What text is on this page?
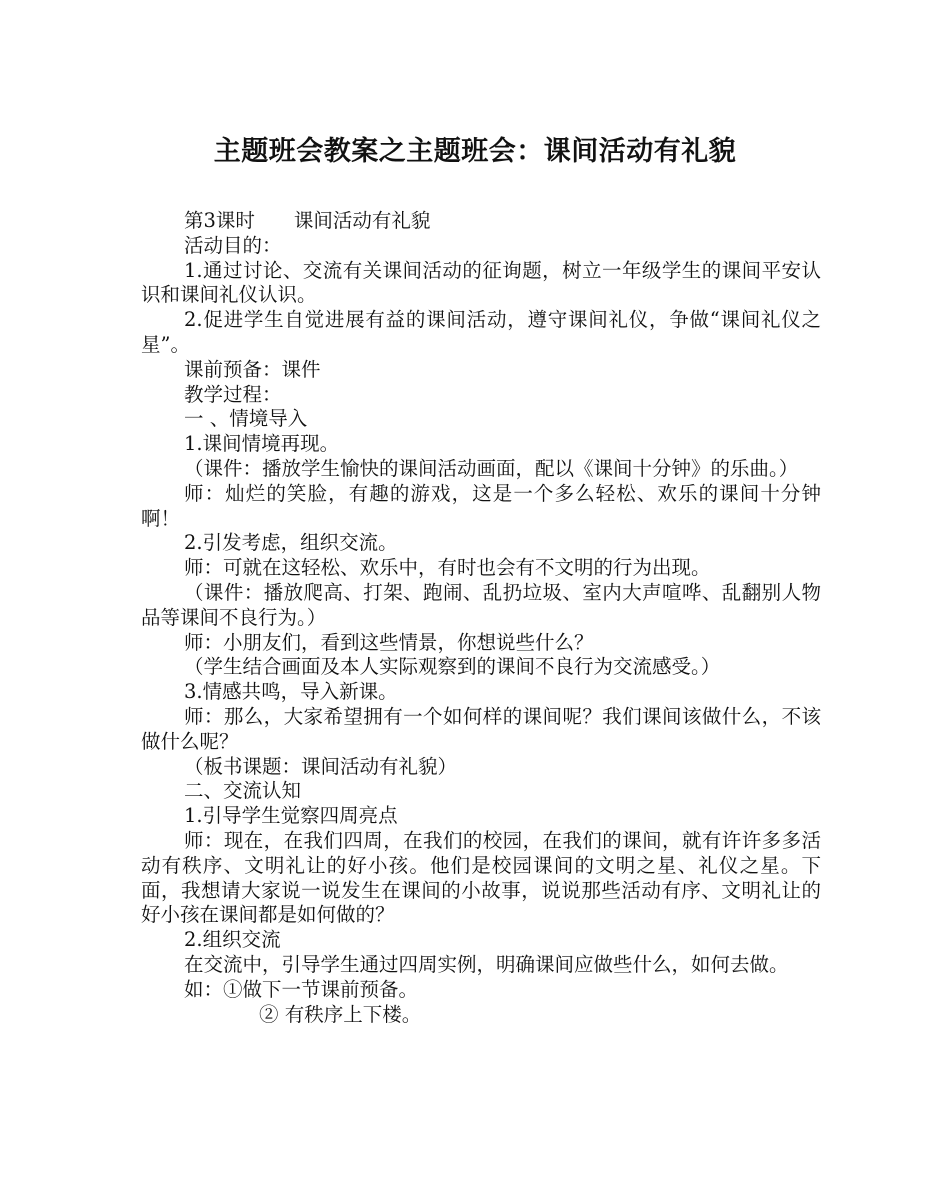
主题班会教案之主题班会：课间活动有礼貌

第3课时　　课间活动有礼貌

活动目的：

1.通过讨论、交流有关课间活动的征询题，树立一年级学生的课间平安认识和课间礼仪认识。

2.促进学生自觉进展有益的课间活动，遵守课间礼仪，争做“课间礼仪之星”。

课前预备：课件

教学过程：

一 、情境导入

1.课间情境再现。

（课件：播放学生愉快的课间活动画面，配以《课间十分钟》的乐曲。）

师：灿烂的笑脸，有趣的游戏，这是一个多么轻松、欢乐的课间十分钟啊！

2.引发考虑，组织交流。

师：可就在这轻松、欢乐中，有时也会有不文明的行为出现。

（课件：播放爬高、打架、跑闹、乱扔垃圾、室内大声喧哗、乱翻别人物品等课间不良行为。）

师：小朋友们，看到这些情景，你想说些什么？

（学生结合画面及本人实际观察到的课间不良行为交流感受。）

3.情感共鸣，导入新课。

师：那么，大家希望拥有一个如何样的课间呢？我们课间该做什么，不该做什么呢？

（板书课题：课间活动有礼貌）

二、交流认知

1.引导学生觉察四周亮点

师：现在，在我们四周，在我们的校园，在我们的课间，就有许许多多活动有秩序、文明礼让的好小孩。他们是校园课间的文明之星、礼仪之星。下面，我想请大家说一说发生在课间的小故事，说说那些活动有序、文明礼让的好小孩在课间都是如何做的？

2.组织交流

在交流中，引导学生通过四周实例，明确课间应做些什么，如何去做。

如：①做下一节课前预备。

② 有秩序上下楼。
